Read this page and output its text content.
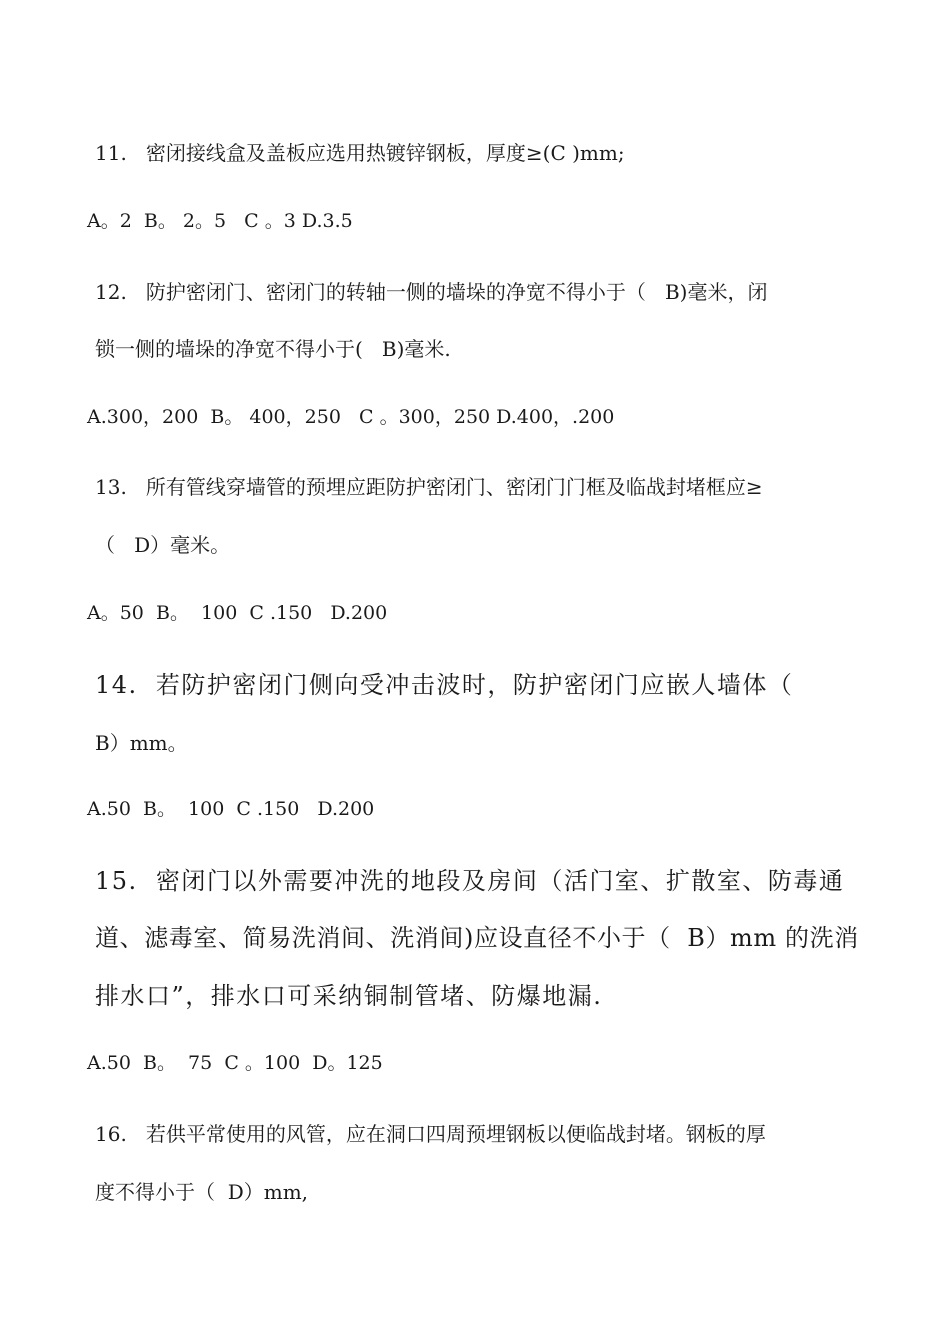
11.   密闭接线盒及盖板应选用热镀锌钢板，厚度≥(C )mm;
A。2  B。 2。5   C 。3 D.3.5
12.   防护密闭门、密闭门的转轴一侧的墙垛的净宽不得小于（   B)毫米，闭
锁一侧的墙垛的净宽不得小于(   B)毫米.
A.300，200  B。 400，250   C 。300，250 D.400，.200
13.   所有管线穿墙管的预埋应距防护密闭门、密闭门门框及临战封堵框应≥
（   D）毫米。
A。50  B。  100  C .150   D.200
14.  若防护密闭门侧向受冲击波时，防护密闭门应嵌人墙体（
B）mm。
A.50  B。  100  C .150   D.200
15.  密闭门以外需要冲洗的地段及房间（活门室、扩散室、防毒通
道、滤毒室、简易洗消间、洗消间)应设直径不小于（  B）mm 的洗消
排水口”，排水口可采纳铜制管堵、防爆地漏.
A.50  B。  75  C 。100  D。125
16.   若供平常使用的风管，应在洞口四周预埋钢板以便临战封堵。钢板的厚
度不得小于（  D）mm,
